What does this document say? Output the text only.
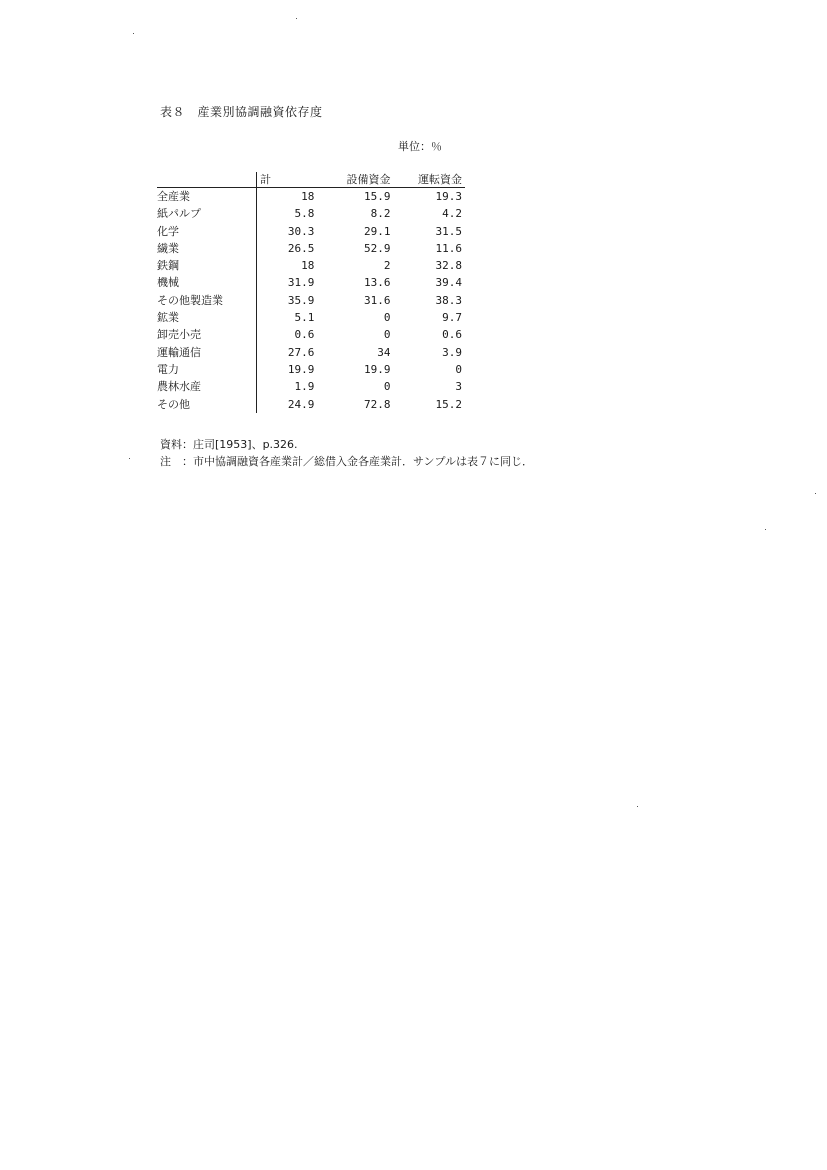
表８　産業別協調融資依存度
単位：％
	計	設備資金	運転資金
全産業	18	15.9	19.3
紙パルプ	5.8	8.2	4.2
化学	30.3	29.1	31.5
繊業	26.5	52.9	11.6
鉄鋼	18	2	32.8
機械	31.9	13.6	39.4
その他製造業	35.9	31.6	38.3
鉱業	5.1	0	9.7
卸売小売	0.6	0	0.6
運輸通信	27.6	34	3.9
電力	19.9	19.9	0
農林水産	1.9	0	3
その他	24.9	72.8	15.2
資料：庄司[1953]、p.326.
注　：市中協調融資各産業計／総借入金各産業計．サンプルは表７に同じ．
